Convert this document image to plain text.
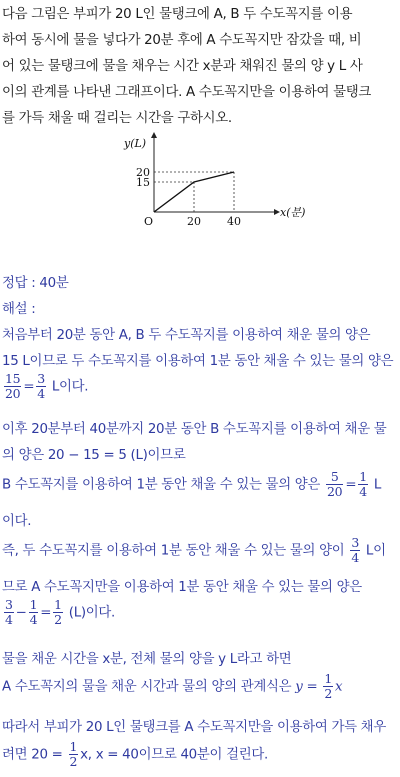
다음 그림은 부피가 20 L인 물탱크에 A, B 두 수도꼭지를 이용
하여 동시에 물을 넣다가 20분 후에 A 수도꼭지만 잠갔을 때, 비
어 있는 물탱크에 물을 채우는 시간 x분과 채워진 물의 양 y L 사
이의 관계를 나타낸 그래프이다. A 수도꼭지만을 이용하여 물탱크
를 가득 채울 때 걸리는 시간을 구하시오.
O	20 40
20
15
y(L)
x(분)
정답 : 40분
해설 :
처음부터 20분 동안 A, B 두 수도꼭지를 이용하여 채운 물의 양은
15 L이므로 두 수도꼭지를 이용하여 1분 동안 채울 수 있는 물의 양은
$\frac{15}{20} = \frac{3}{4}$ L이다.
이후 20분부터 40분까지 20분 동안 B 수도꼭지를 이용하여 채운 물
의 양은 20 − 15 = 5 (L)이므로
B 수도꼭지를 이용하여 1분 동안 채울 수 있는 물의 양은 $\frac{5}{20} = \frac{1}{4}$ L
이다.
즉, 두 수도꼭지를 이용하여 1분 동안 채울 수 있는 물의 양이 $\frac{3}{4}$ L이
므로 A 수도꼭지만을 이용하여 1분 동안 채울 수 있는 물의 양은
$\frac{3}{4} - \frac{1}{4} = \frac{1}{2} (L)$이다.
물을 채운 시간을 x분, 전체 물의 양을 y L라고 하면
A 수도꼭지의 물을 채운 시간과 물의 양의 관계식은 $y = \frac{1}{2}$ x
따라서 부피가 20 L인 물탱크를 A 수도꼭지만을 이용하여 가득 채우
려면 $20 = \frac{1}{2} x$, x = 40이므로 40분이 걸린다.
